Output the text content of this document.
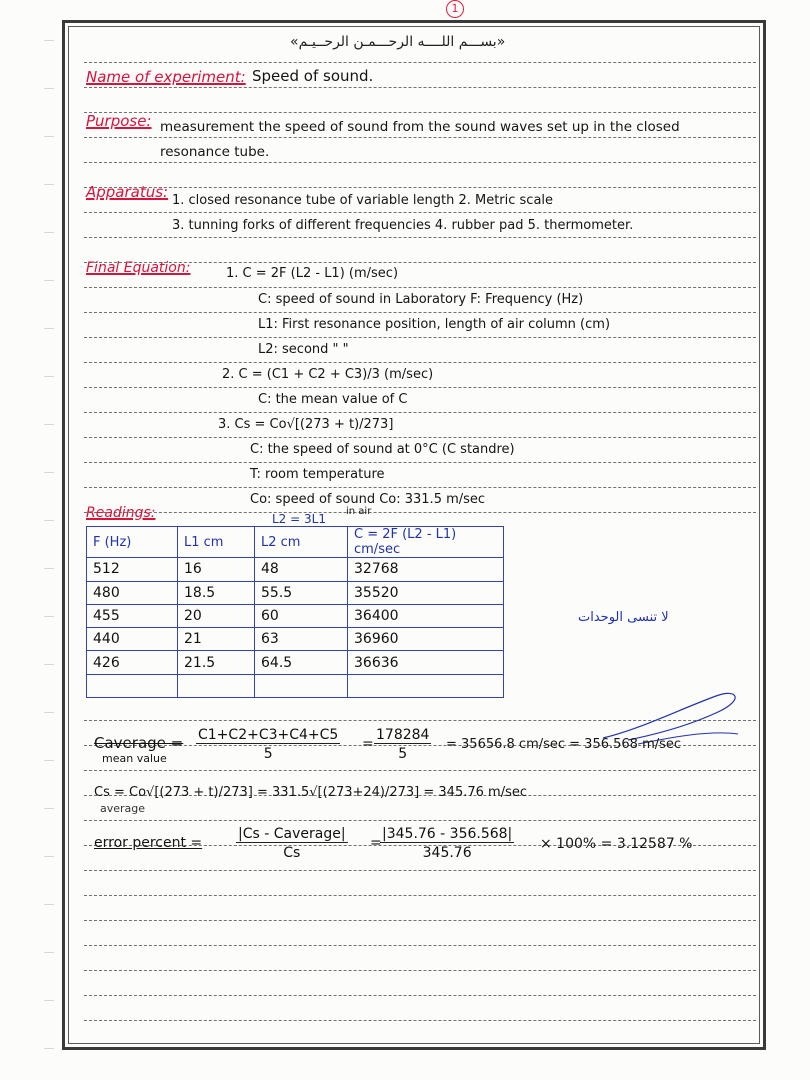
1
«بســـم اللــــه الرحـــمـن الرحــيـم»
Name of experiment: Speed of sound.
Purpose: measurement the speed of sound from the sound waves set up in the closed
resonance tube.
Apparatus: 1. closed resonance tube of variable length 2. Metric scale
3. tunning forks of different frequencies 4. rubber pad 5. thermometer.
Final Equation:	1. C = 2F (L2 - L1) (m/sec)
C: speed of sound in Laboratory F: Frequency (Hz)
L1: First resonance position, length of air column (cm)
L2: second " "
2. C = (C1 + C2 + C3)/3 (m/sec)
C: the mean value of C
3. Cs = Co√[(273 + t)/273]
C: the speed of sound at 0°C (C standre)
T: room temperature
Co: speed of sound Co: 331.5 m/sec
in air
Readings:	L2 = 3L1
F (Hz)	L1 cm	L2 cm	C = 2F (L2 - L1) cm/sec
512	16	48	32768
480	18.5	55.5	35520
455	20	60	36400
440	21	63	36960
426	21.5	64.5	36636

لا تنسى الوحدات
Caverage =
mean value $\frac{C1+C2+C3+C4+C5}{5} = \frac{178284}{5} = 35656.8$ cm/sec = 356.568 m/sec
Cs = Co√[(273 + t)/273] = 331.5√[(273+24)/273] = 345.76 m/sec
average
error percent =
|Cs - Caverage|
Cs
=
$\frac{|345.76 - 356.568|}{345.76} \times 100\% = 3.12587$ %
